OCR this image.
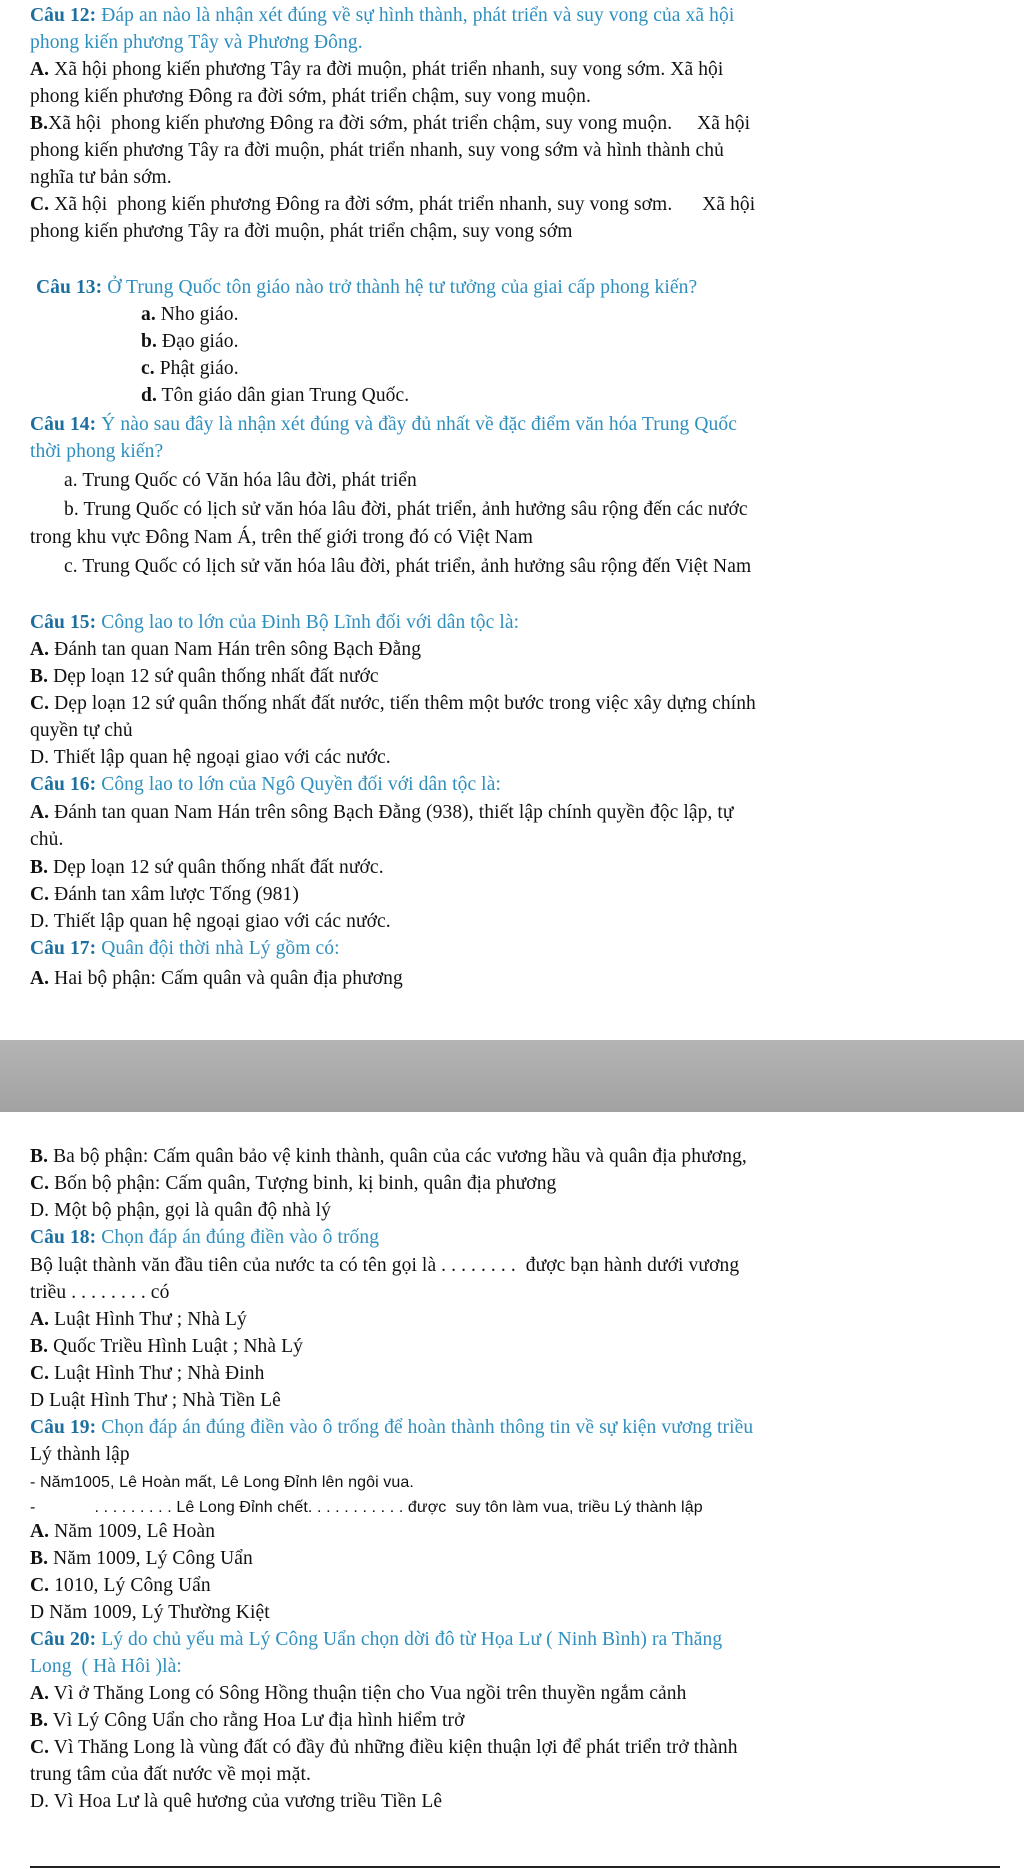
Câu 12: Đáp an nào là nhận xét đúng về sự hình thành, phát triển và suy vong của xã hội
phong kiến phương Tây và Phương Đông.
A. Xã hội phong kiến phương Tây ra đời muộn, phát triển nhanh, suy vong sớm. Xã hội
phong kiến phương Đông ra đời sớm, phát triển chậm, suy vong muộn.
B.Xã hội  phong kiến phương Đông ra đời sớm, phát triển chậm, suy vong muộn.     Xã hội
phong kiến phương Tây ra đời muộn, phát triển nhanh, suy vong sớm và hình thành chủ
nghĩa tư bản sớm.
C. Xã hội  phong kiến phương Đông ra đời sớm, phát triển nhanh, suy vong sơm.      Xã hội
phong kiến phương Tây ra đời muộn, phát triển chậm, suy vong sớm
Câu 13: Ở Trung Quốc tôn giáo nào trở thành hệ tư tưởng của giai cấp phong kiến?
a. Nho giáo.
b. Đạo giáo.
c. Phật giáo.
d. Tôn giáo dân gian Trung Quốc.
Câu 14: Ý nào sau đây là nhận xét đúng và đầy đủ nhất về đặc điểm văn hóa Trung Quốc
thời phong kiến?
a. Trung Quốc có Văn hóa lâu đời, phát triển
b. Trung Quốc có lịch sử văn hóa lâu đời, phát triển, ảnh hưởng sâu rộng đến các nước
trong khu vực Đông Nam Á, trên thế giới trong đó có Việt Nam
c. Trung Quốc có lịch sử văn hóa lâu đời, phát triển, ảnh hưởng sâu rộng đến Việt Nam
Câu 15: Công lao to lớn của Đinh Bộ Lĩnh đối với dân tộc là:
A. Đánh tan quan Nam Hán trên sông Bạch Đằng
B. Dẹp loạn 12 sứ quân thống nhất đất nước
C. Dẹp loạn 12 sứ quân thống nhất đất nước, tiến thêm một bước trong việc xây dựng chính
quyền tự chủ
D. Thiết lập quan hệ ngoại giao với các nước.
Câu 16: Công lao to lớn của Ngô Quyền đối với dân tộc là:
A. Đánh tan quan Nam Hán trên sông Bạch Đằng (938), thiết lập chính quyền độc lập, tự
chủ.
B. Dẹp loạn 12 sứ quân thống nhất đất nước.
C. Đánh tan xâm lược Tống (981)
D. Thiết lập quan hệ ngoại giao với các nước.
Câu 17: Quân đội thời nhà Lý gồm có:
A. Hai bộ phận: Cấm quân và quân địa phương
B. Ba bộ phận: Cấm quân bảo vệ kinh thành, quân của các vương hầu và quân địa phương,
C. Bốn bộ phận: Cấm quân, Tượng binh, kị binh, quân địa phương
D. Một bộ phận, gọi là quân độ nhà lý
Câu 18: Chọn đáp án đúng điền vào ô trống
Bộ luật thành văn đầu tiên của nước ta có tên gọi là . . . . . . . .  được bạn hành dưới vương
triều . . . . . . . . có
A. Luật Hình Thư ; Nhà Lý
B. Quốc Triều Hình Luật ; Nhà Lý
C. Luật Hình Thư ; Nhà Đinh
D Luật Hình Thư ; Nhà Tiền Lê
Câu 19: Chọn đáp án đúng điền vào ô trống để hoàn thành thông tin về sự kiện vương triều
Lý thành lập
- Năm1005, Lê Hoàn mất, Lê Long Đỉnh lên ngôi vua.
-             . . . . . . . . . Lê Long Đỉnh chết. . . . . . . . . . . được  suy tôn làm vua, triều Lý thành lập
A. Năm 1009, Lê Hoàn
B. Năm 1009, Lý Công Uẩn
C. 1010, Lý Công Uẩn
D Năm 1009, Lý Thường Kiệt
Câu 20: Lý do chủ yếu mà Lý Công Uẩn chọn dời đô từ Họa Lư ( Ninh Bình) ra Thăng
Long  ( Hà Hôi )là:
A. Vì ở Thăng Long có Sông Hồng thuận tiện cho Vua ngồi trên thuyền ngắm cảnh
B. Vì Lý Công Uẩn cho rằng Hoa Lư địa hình hiểm trở
C. Vì Thăng Long là vùng đất có đầy đủ những điều kiện thuận lợi để phát triển trở thành
trung tâm của đất nước về mọi mặt.
D. Vì Hoa Lư là quê hương của vương triều Tiền Lê
